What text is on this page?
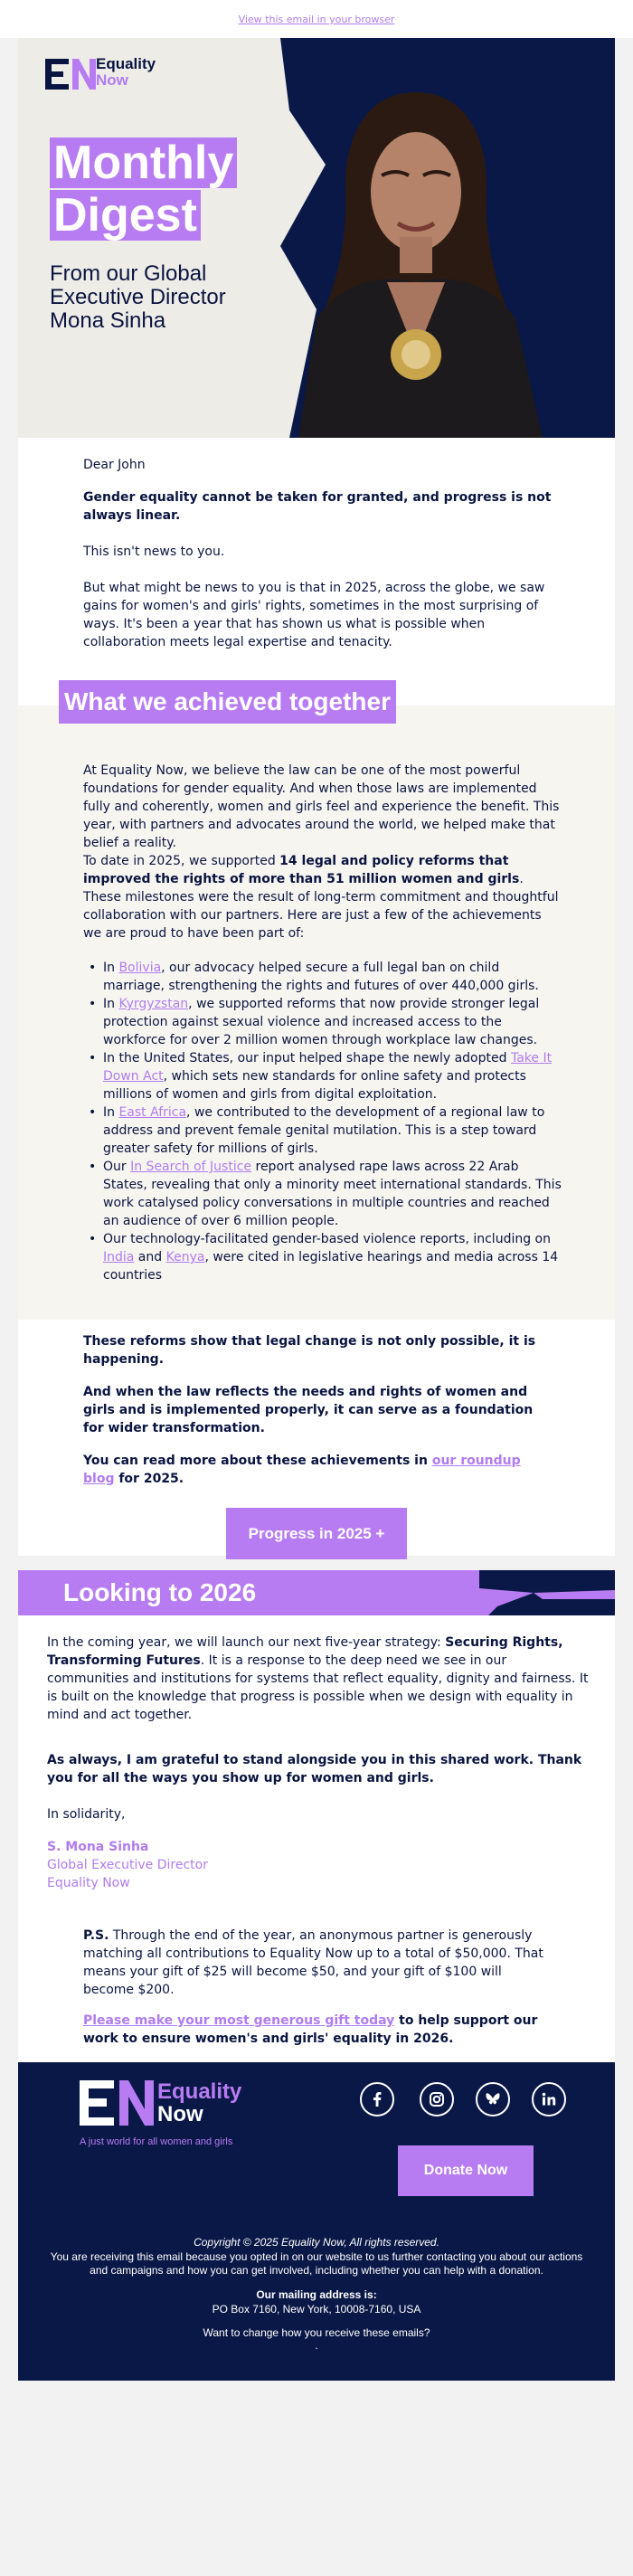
View this email in your browser
Equality
Now
Monthly
Digest
From our Global Executive Director Mona Sinha
Dear John
Gender equality cannot be taken for granted, and progress is not always linear.
This isn't news to you.
But what might be news to you is that in 2025, across the globe, we saw gains for women's and girls' rights, sometimes in the most surprising of ways. It's been a year that has shown us what is possible when collaboration meets legal expertise and tenacity.
What we achieved together
At Equality Now, we believe the law can be one of the most powerful foundations for gender equality. And when those laws are implemented fully and coherently, women and girls feel and experience the benefit. This year, with partners and advocates around the world, we helped make that belief a reality.
To date in 2025, we supported 14 legal and policy reforms that improved the rights of more than 51 million women and girls. These milestones were the result of long-term commitment and thoughtful collaboration with our partners. Here are just a few of the achievements we are proud to have been part of:
• In Bolivia, our advocacy helped secure a full legal ban on child marriage, strengthening the rights and futures of over 440,000 girls.
• In Kyrgyzstan, we supported reforms that now provide stronger legal protection against sexual violence and increased access to the workforce for over 2 million women through workplace law changes.
• In the United States, our input helped shape the newly adopted Take It Down Act, which sets new standards for online safety and protects millions of women and girls from digital exploitation.
• In East Africa, we contributed to the development of a regional law to address and prevent female genital mutilation. This is a step toward greater safety for millions of girls.
• Our In Search of Justice report analysed rape laws across 22 Arab States, revealing that only a minority meet international standards. This work catalysed policy conversations in multiple countries and reached an audience of over 6 million people.
• Our technology-facilitated gender-based violence reports, including on India and Kenya, were cited in legislative hearings and media across 14 countries
These reforms show that legal change is not only possible, it is happening.
And when the law reflects the needs and rights of women and girls and is implemented properly, it can serve as a foundation for wider transformation.
You can read more about these achievements in our roundup blog for 2025.
Progress in 2025 +
Looking to 2026
In the coming year, we will launch our next five-year strategy: Securing Rights, Transforming Futures. It is a response to the deep need we see in our communities and institutions for systems that reflect equality, dignity and fairness. It is built on the knowledge that progress is possible when we design with equality in mind and act together.
As always, I am grateful to stand alongside you in this shared work. Thank you for all the ways you show up for women and girls.
In solidarity,
S. Mona Sinha
Global Executive Director
Equality Now
P.S. Through the end of the year, an anonymous partner is generously matching all contributions to Equality Now up to a total of $50,000. That means your gift of $25 will become $50, and your gift of $100 will become $200.
Please make your most generous gift today to help support our work to ensure women's and girls' equality in 2026.
Equality
Now
A just world for all women and girls
Donate Now
Copyright © 2025 Equality Now, All rights reserved.
You are receiving this email because you opted in on our website to us further contacting you about our actions and campaigns and how you can get involved, including whether you can help with a donation.
Our mailing address is:
PO Box 7160, New York, 10008-7160, USA
Want to change how you receive these emails?
.
